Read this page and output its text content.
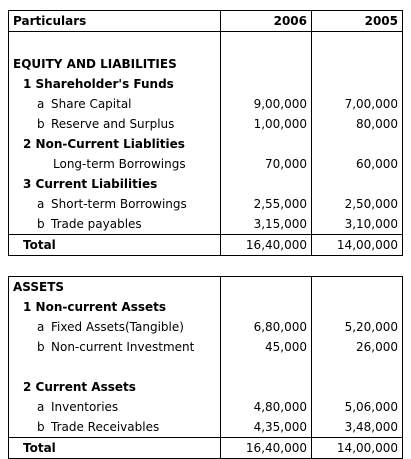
Particulars	2006	2005

EQUITY AND LIABILITIES		
1 Shareholder's Funds		
a Share Capital	9,00,000	7,00,000
b Reserve and Surplus	1,00,000	80,000
2 Non-Current Liablities		
Long-term Borrowings	70,000	60,000
3 Current Liabilities		
a Short-term Borrowings	2,55,000	2,50,000
b Trade payables	3,15,000	3,10,000
Total	16,40,000	14,00,000
ASSETS		
1 Non-current Assets		
a Fixed Assets(Tangible)	6,80,000	5,20,000
b Non-current Investment	45,000	26,000

2 Current Assets		
a Inventories	4,80,000	5,06,000
b Trade Receivables	4,35,000	3,48,000
Total	16,40,000	14,00,000
